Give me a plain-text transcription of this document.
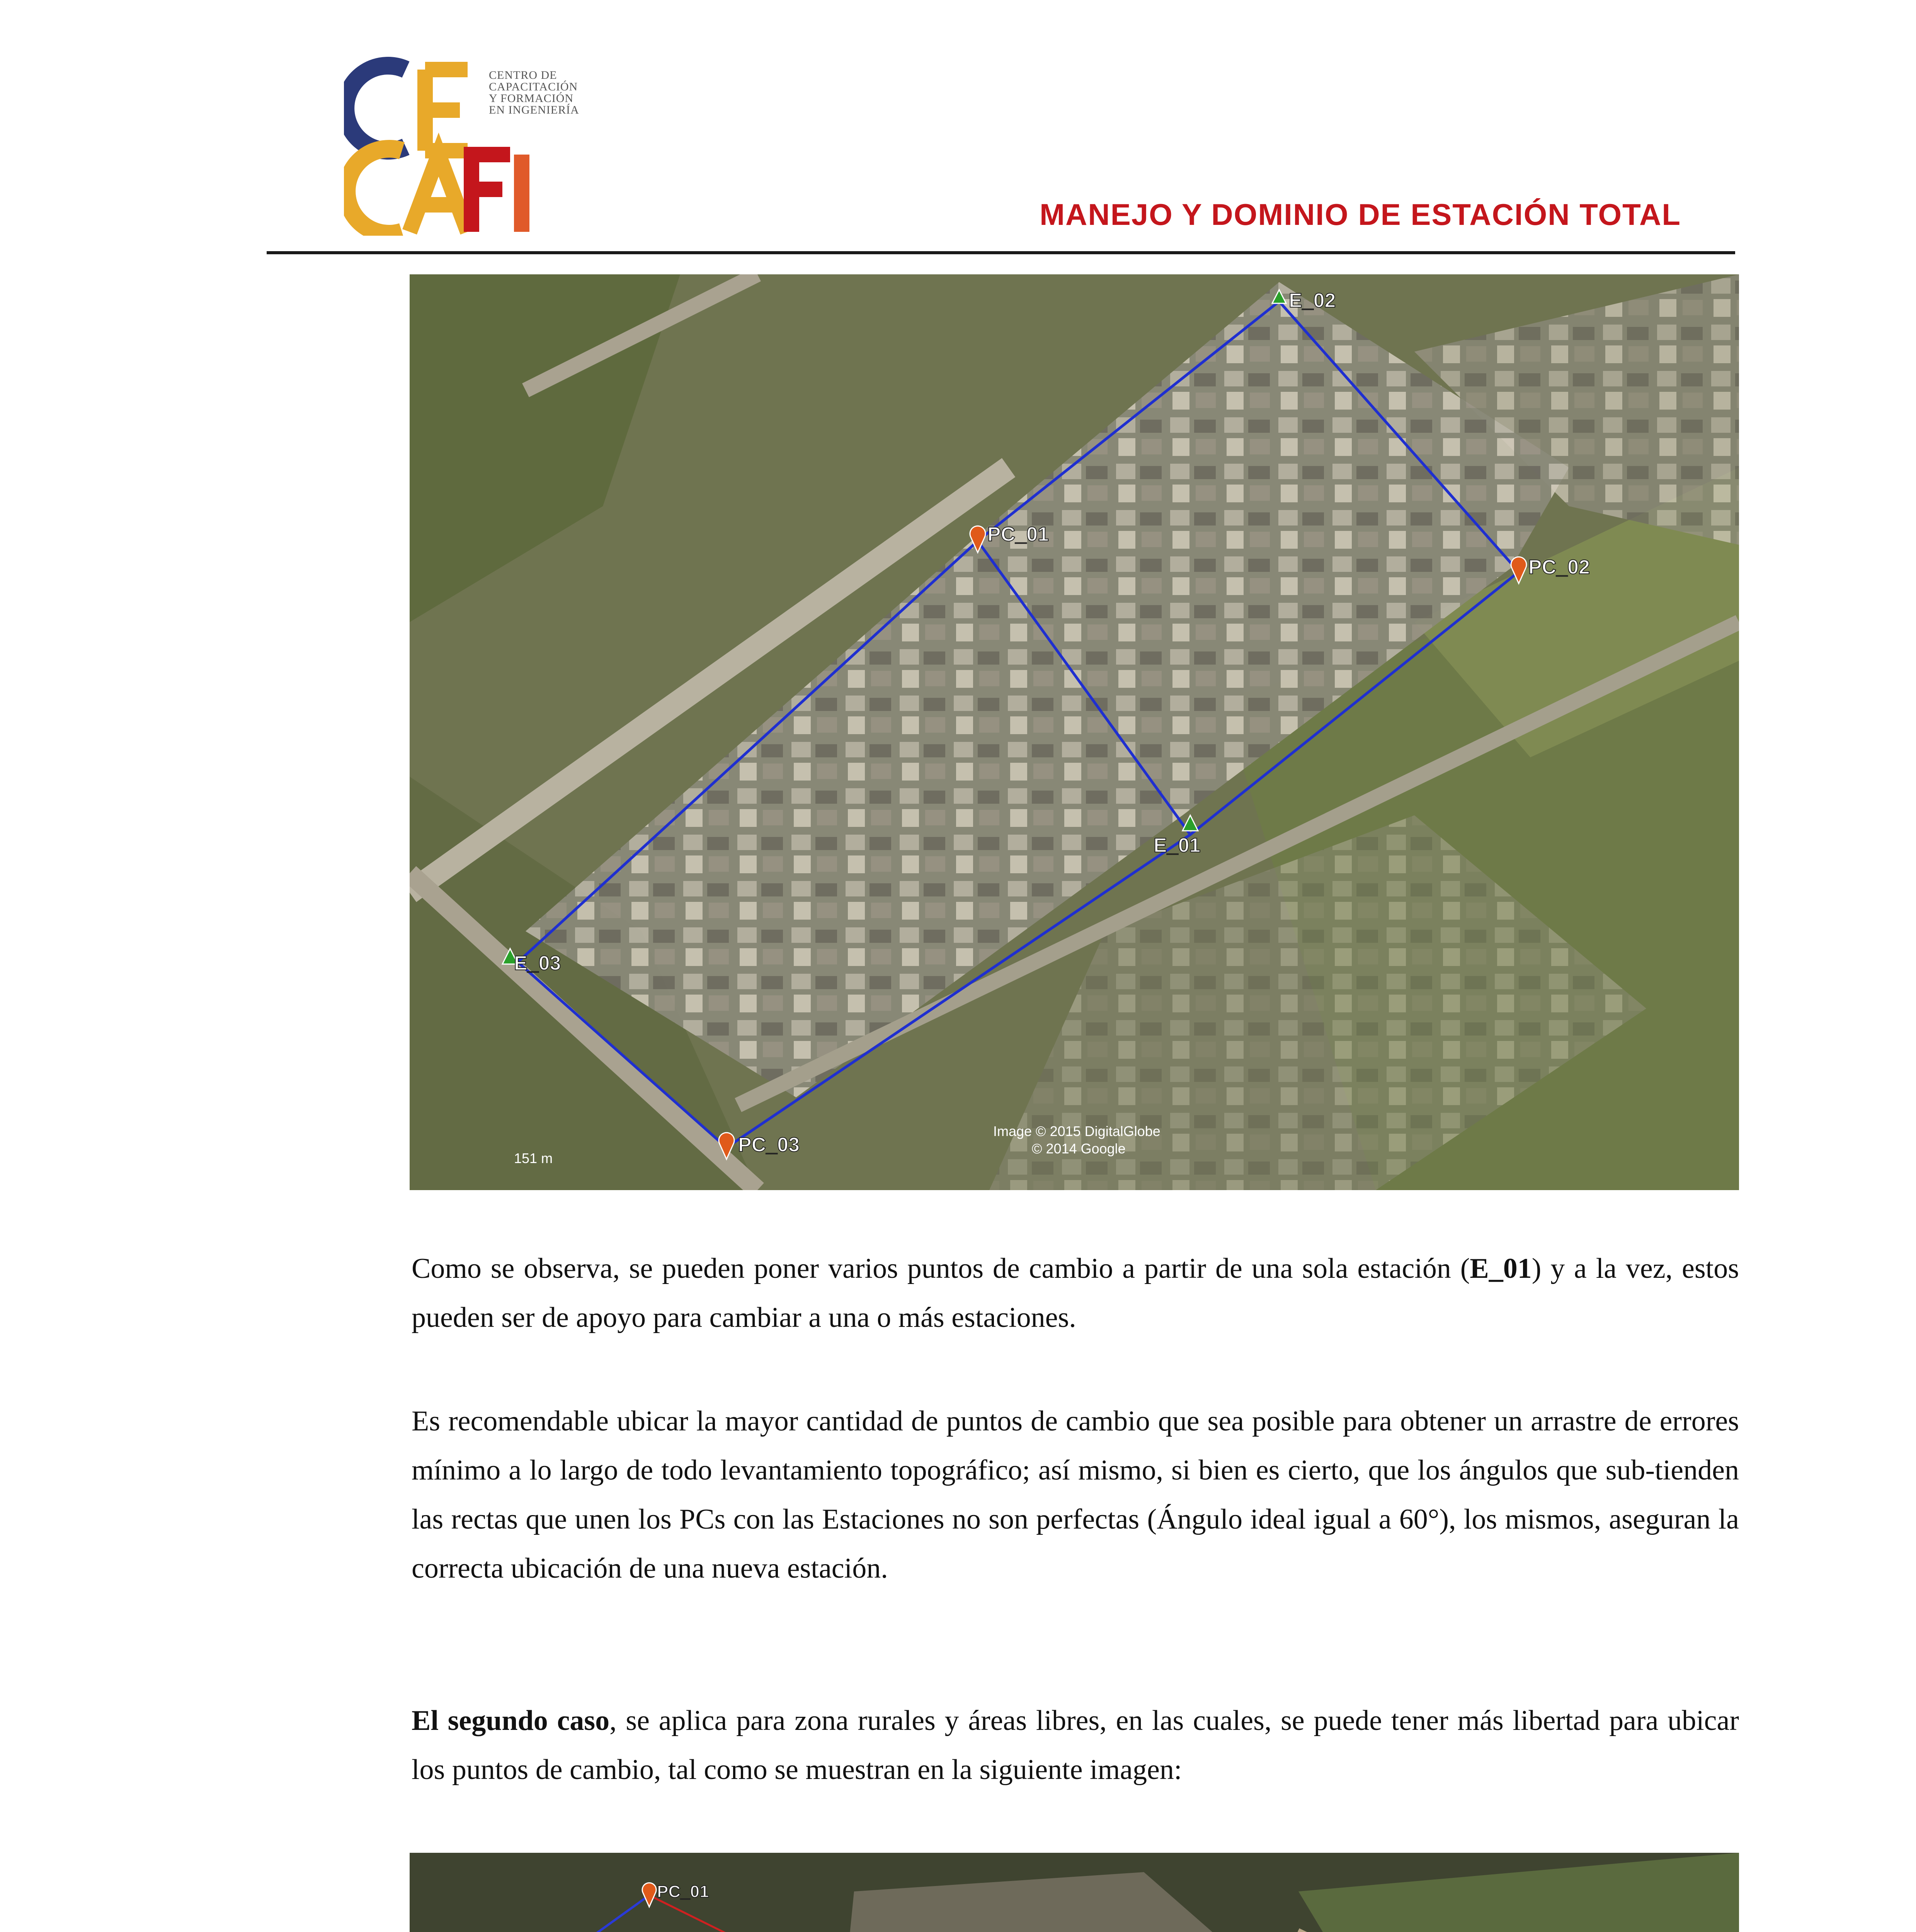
CENTRO DE
CAPACITACIÓN
Y FORMACIÓN
EN INGENIERÍA
MANEJO Y DOMINIO DE ESTACIÓN TOTAL
E_02
PC_01
PC_02
E_01
E_03
PC_03
151 m
Image © 2015 DigitalGlobe
© 2014 Google
Como se observa, se pueden poner varios puntos de cambio a partir de una sola estación (E_01) y a la vez, estos pueden ser de apoyo para cambiar a una o más estaciones.
Es recomendable ubicar la mayor cantidad de puntos de cambio que sea posible para obtener un arrastre de errores mínimo a lo largo de todo levantamiento topográfico; así mismo, si bien es cierto, que los ángulos que sub-tienden las rectas que unen los PCs con las Estaciones no son perfectas (Ángulo ideal igual a 60°), los mismos, aseguran la correcta ubicación de una nueva estación.
El segundo caso, se aplica para zona rurales y áreas libres, en las cuales, se puede tener más libertad para ubicar los puntos de cambio, tal como se muestran en la siguiente imagen:
PC_01
